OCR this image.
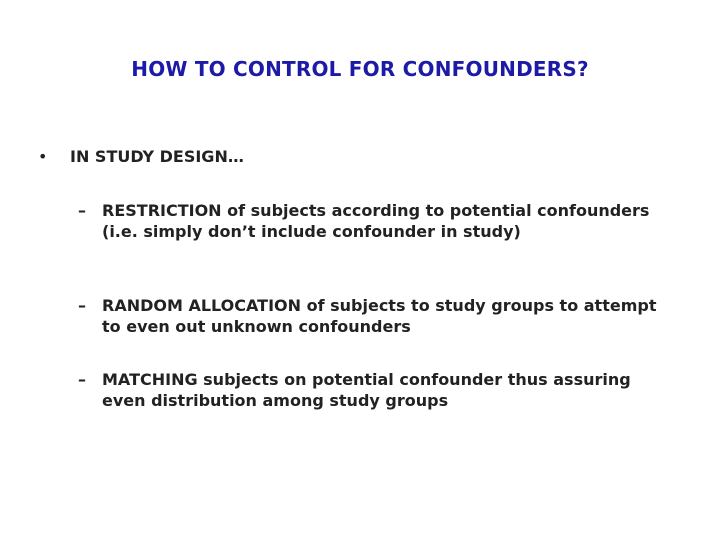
HOW TO CONTROL FOR CONFOUNDERS?
• IN STUDY DESIGN…
– RESTRICTION of subjects according to potential confounders (i.e. simply don’t include confounder in study)
– RANDOM ALLOCATION of subjects to study groups to attempt to even out unknown confounders
– MATCHING subjects on potential confounder thus assuring even distribution among study groups
